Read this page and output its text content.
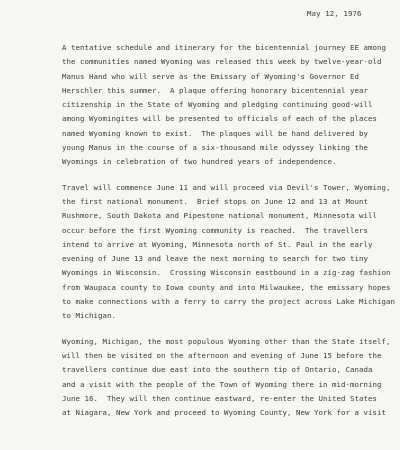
May 12, 1976
A tentative schedule and itinerary for the bicentennial journey EE among
the communities named Wyoming was released this week by twelve-year-old
Manus Hand who will serve as the Emissary of Wyoming's Governor Ed
Herschler this summer.  A plaque offering honorary bicentennial year
citizenship in the State of Wyoming and pledging continuing good-will
among Wyomingites will be presented to officials of each of the places
named Wyoming known to exist.  The plaques will be hand delivered by
young Manus in the course of a six-thousand mile odyssey linking the
Wyomings in celebration of two hundred years of independence.
Travel will commence June 11 and will proceed via Devil's Tower, Wyoming,
the first national monument.  Brief stops on June 12 and 13 at Mount
Rushmore, South Dakota and Pipestone national monument, Minnesota will
occur before the first Wyoming community is reached.  The travellers
intend to arrive at Wyoming, Minnesota north of St. Paul in the early
evening of June 13 and leave the next morning to search for two tiny
Wyomings in Wisconsin.  Crossing Wisconsin eastbound in a zig-zag fashion
from Waupaca county to Iowa county and into Milwaukee, the emissary hopes
to make connections with a ferry to carry the project across Lake Michigan
to Michigan.
Wyoming, Michigan, the most populous Wyoming other than the State itself,
will then be visited on the afternoon and evening of June 15 before the
travellers continue due east into the southern tip of Ontario, Canada
and a visit with the people of the Town of Wyoming there in mid-morning
June 16.  They will then continue eastward, re-enter the United States
at Niagara, New York and proceed to Wyoming County, New York for a visit
